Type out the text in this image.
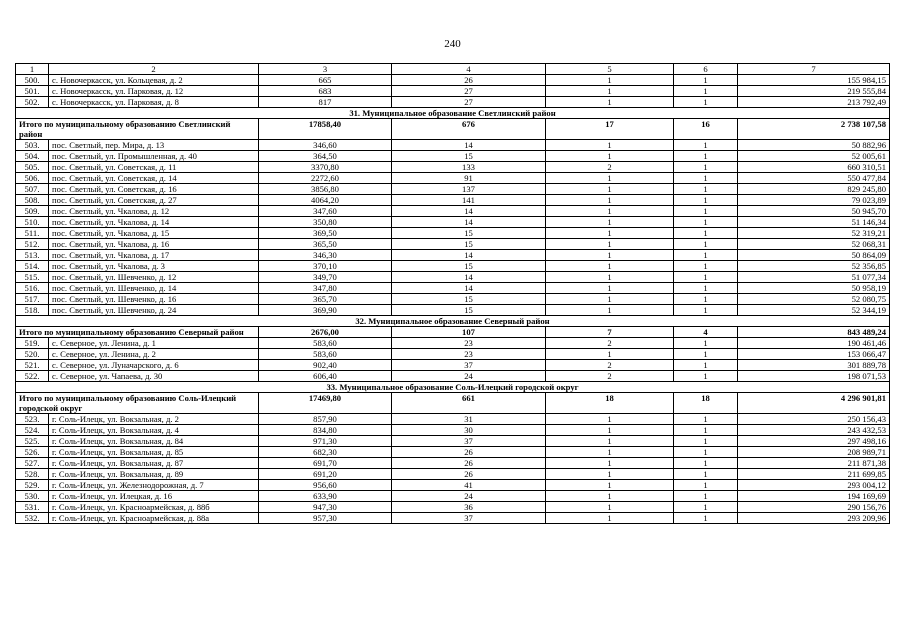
240
1	2	3	4	5	6	7
500.	с. Новочеркасск, ул. Кольцевая, д. 2	665	26	1	1	155 984,15
501.	с. Новочеркасск, ул. Парковая, д. 12	683	27	1	1	219 555,84
502.	с. Новочеркасск, ул. Парковая, д. 8	817	27	1	1	213 792,49
31. Муниципальное образование Светлинский район						
Итого по муниципальному образованию Светлинский район		17858,40	676	17	16	2 738 107,58
503.	пос. Светлый, пер. Мира, д. 13	346,60	14	1	1	50 882,96
504.	пос. Светлый, ул. Промышленная, д. 40	364,50	15	1	1	52 005,61
505.	пос. Светлый, ул. Советская, д. 11	3370,80	133	2	1	660 310,51
506.	пос. Светлый, ул. Советская, д. 14	2272,60	91	1	1	550 477,84
507.	пос. Светлый, ул. Советская, д. 16	3856,80	137	1	1	829 245,80
508.	пос. Светлый, ул. Советская, д. 27	4064,20	141	1	1	79 023,89
509.	пос. Светлый, ул. Чкалова, д. 12	347,60	14	1	1	50 945,70
510.	пос. Светлый, ул. Чкалова, д. 14	350,80	14	1	1	51 146,34
511.	пос. Светлый, ул. Чкалова, д. 15	369,50	15	1	1	52 319,21
512.	пос. Светлый, ул. Чкалова, д. 16	365,50	15	1	1	52 068,31
513.	пос. Светлый, ул. Чкалова, д. 17	346,30	14	1	1	50 864,09
514.	пос. Светлый, ул. Чкалова, д. 3	370,10	15	1	1	52 356,85
515.	пос. Светлый, ул. Шевченко, д. 12	349,70	14	1	1	51 077,34
516.	пос. Светлый, ул. Шевченко, д. 14	347,80	14	1	1	50 958,19
517.	пос. Светлый, ул. Шевченко, д. 16	365,70	15	1	1	52 080,75
518.	пос. Светлый, ул. Шевченко, д. 24	369,90	15	1	1	52 344,19
32. Муниципальное образование Северный район						
Итого по муниципальному образованию Северный район		2676,00	107	7	4	843 489,24
519.	с. Северное, ул. Ленина, д. 1	583,60	23	2	1	190 461,46
520.	с. Северное, ул. Ленина, д. 2	583,60	23	1	1	153 066,47
521.	с. Северное, ул. Луначарского, д. 6	902,40	37	2	1	301 889,78
522.	с. Северное, ул. Чапаева, д. 30	606,40	24	2	1	198 071,53
33. Муниципальное образование Соль-Илецкий городской округ						
Итого по муниципальному образованию Соль-Илецкий городской округ		17469,80	661	18	18	4 296 901,81
523.	г. Соль-Илецк, ул. Вокзальная, д. 2	857,90	31	1	1	250 156,43
524.	г. Соль-Илецк, ул. Вокзальная, д. 4	834,80	30	1	1	243 432,53
525.	г. Соль-Илецк, ул. Вокзальная, д. 84	971,30	37	1	1	297 498,16
526.	г. Соль-Илецк, ул. Вокзальная, д. 85	682,30	26	1	1	208 989,71
527.	г. Соль-Илецк, ул. Вокзальная, д. 87	691,70	26	1	1	211 871,38
528.	г. Соль-Илецк, ул. Вокзальная, д. 89	691,20	26	1	1	211 699,85
529.	г. Соль-Илецк, ул. Железнодорожная, д. 7	956,60	41	1	1	293 004,12
530.	г. Соль-Илецк, ул. Илецкая, д. 16	633,90	24	1	1	194 169,69
531.	г. Соль-Илецк, ул. Красноармейская, д. 88б	947,30	36	1	1	290 156,76
532.	г. Соль-Илецк, ул. Красноармейская, д. 88а	957,30	37	1	1	293 209,96
